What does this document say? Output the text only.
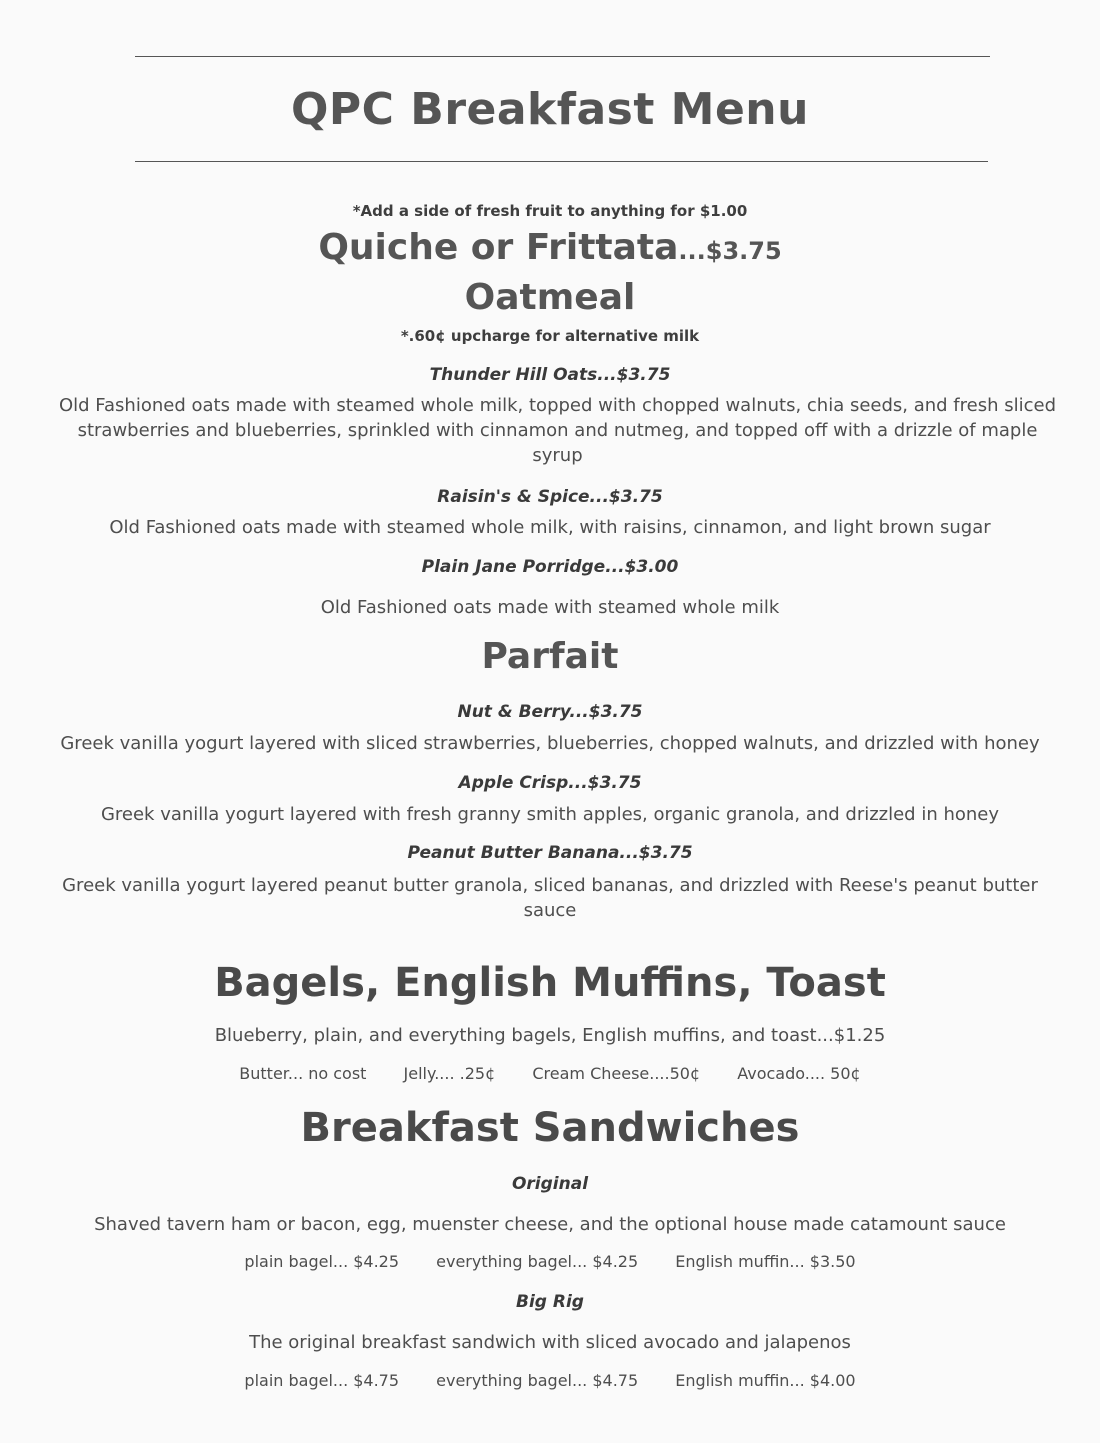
QPC Breakfast Menu
*Add a side of fresh fruit to anything for $1.00
Quiche or Frittata...$3.75
Oatmeal
*.60¢ upcharge for alternative milk
Thunder Hill Oats...$3.75
Old Fashioned oats made with steamed whole milk, topped with chopped walnuts, chia seeds, and fresh sliced strawberries and blueberries, sprinkled with cinnamon and nutmeg, and topped off with a drizzle of maple syrup
Raisin's & Spice...$3.75
Old Fashioned oats made with steamed whole milk, with raisins, cinnamon, and light brown sugar
Plain Jane Porridge...$3.00
Old Fashioned oats made with steamed whole milk
Parfait
Nut & Berry...$3.75
Greek vanilla yogurt layered with sliced strawberries, blueberries, chopped walnuts, and drizzled with honey
Apple Crisp...$3.75
Greek vanilla yogurt layered with fresh granny smith apples, organic granola, and drizzled in honey
Peanut Butter Banana...$3.75
Greek vanilla yogurt layered peanut butter granola, sliced bananas, and drizzled with Reese's peanut butter sauce
Bagels, English Muffins, Toast
Blueberry, plain, and everything bagels, English muffins, and toast...$1.25
Butter... no cost Jelly.... .25¢ Cream Cheese....50¢ Avocado.... 50¢
Breakfast Sandwiches
Original
Shaved tavern ham or bacon, egg, muenster cheese, and the optional house made catamount sauce
plain bagel... $4.25 everything bagel... $4.25 English muffin... $3.50
Big Rig
The original breakfast sandwich with sliced avocado and jalapenos
plain bagel... $4.75 everything bagel... $4.75 English muffin... $4.00
